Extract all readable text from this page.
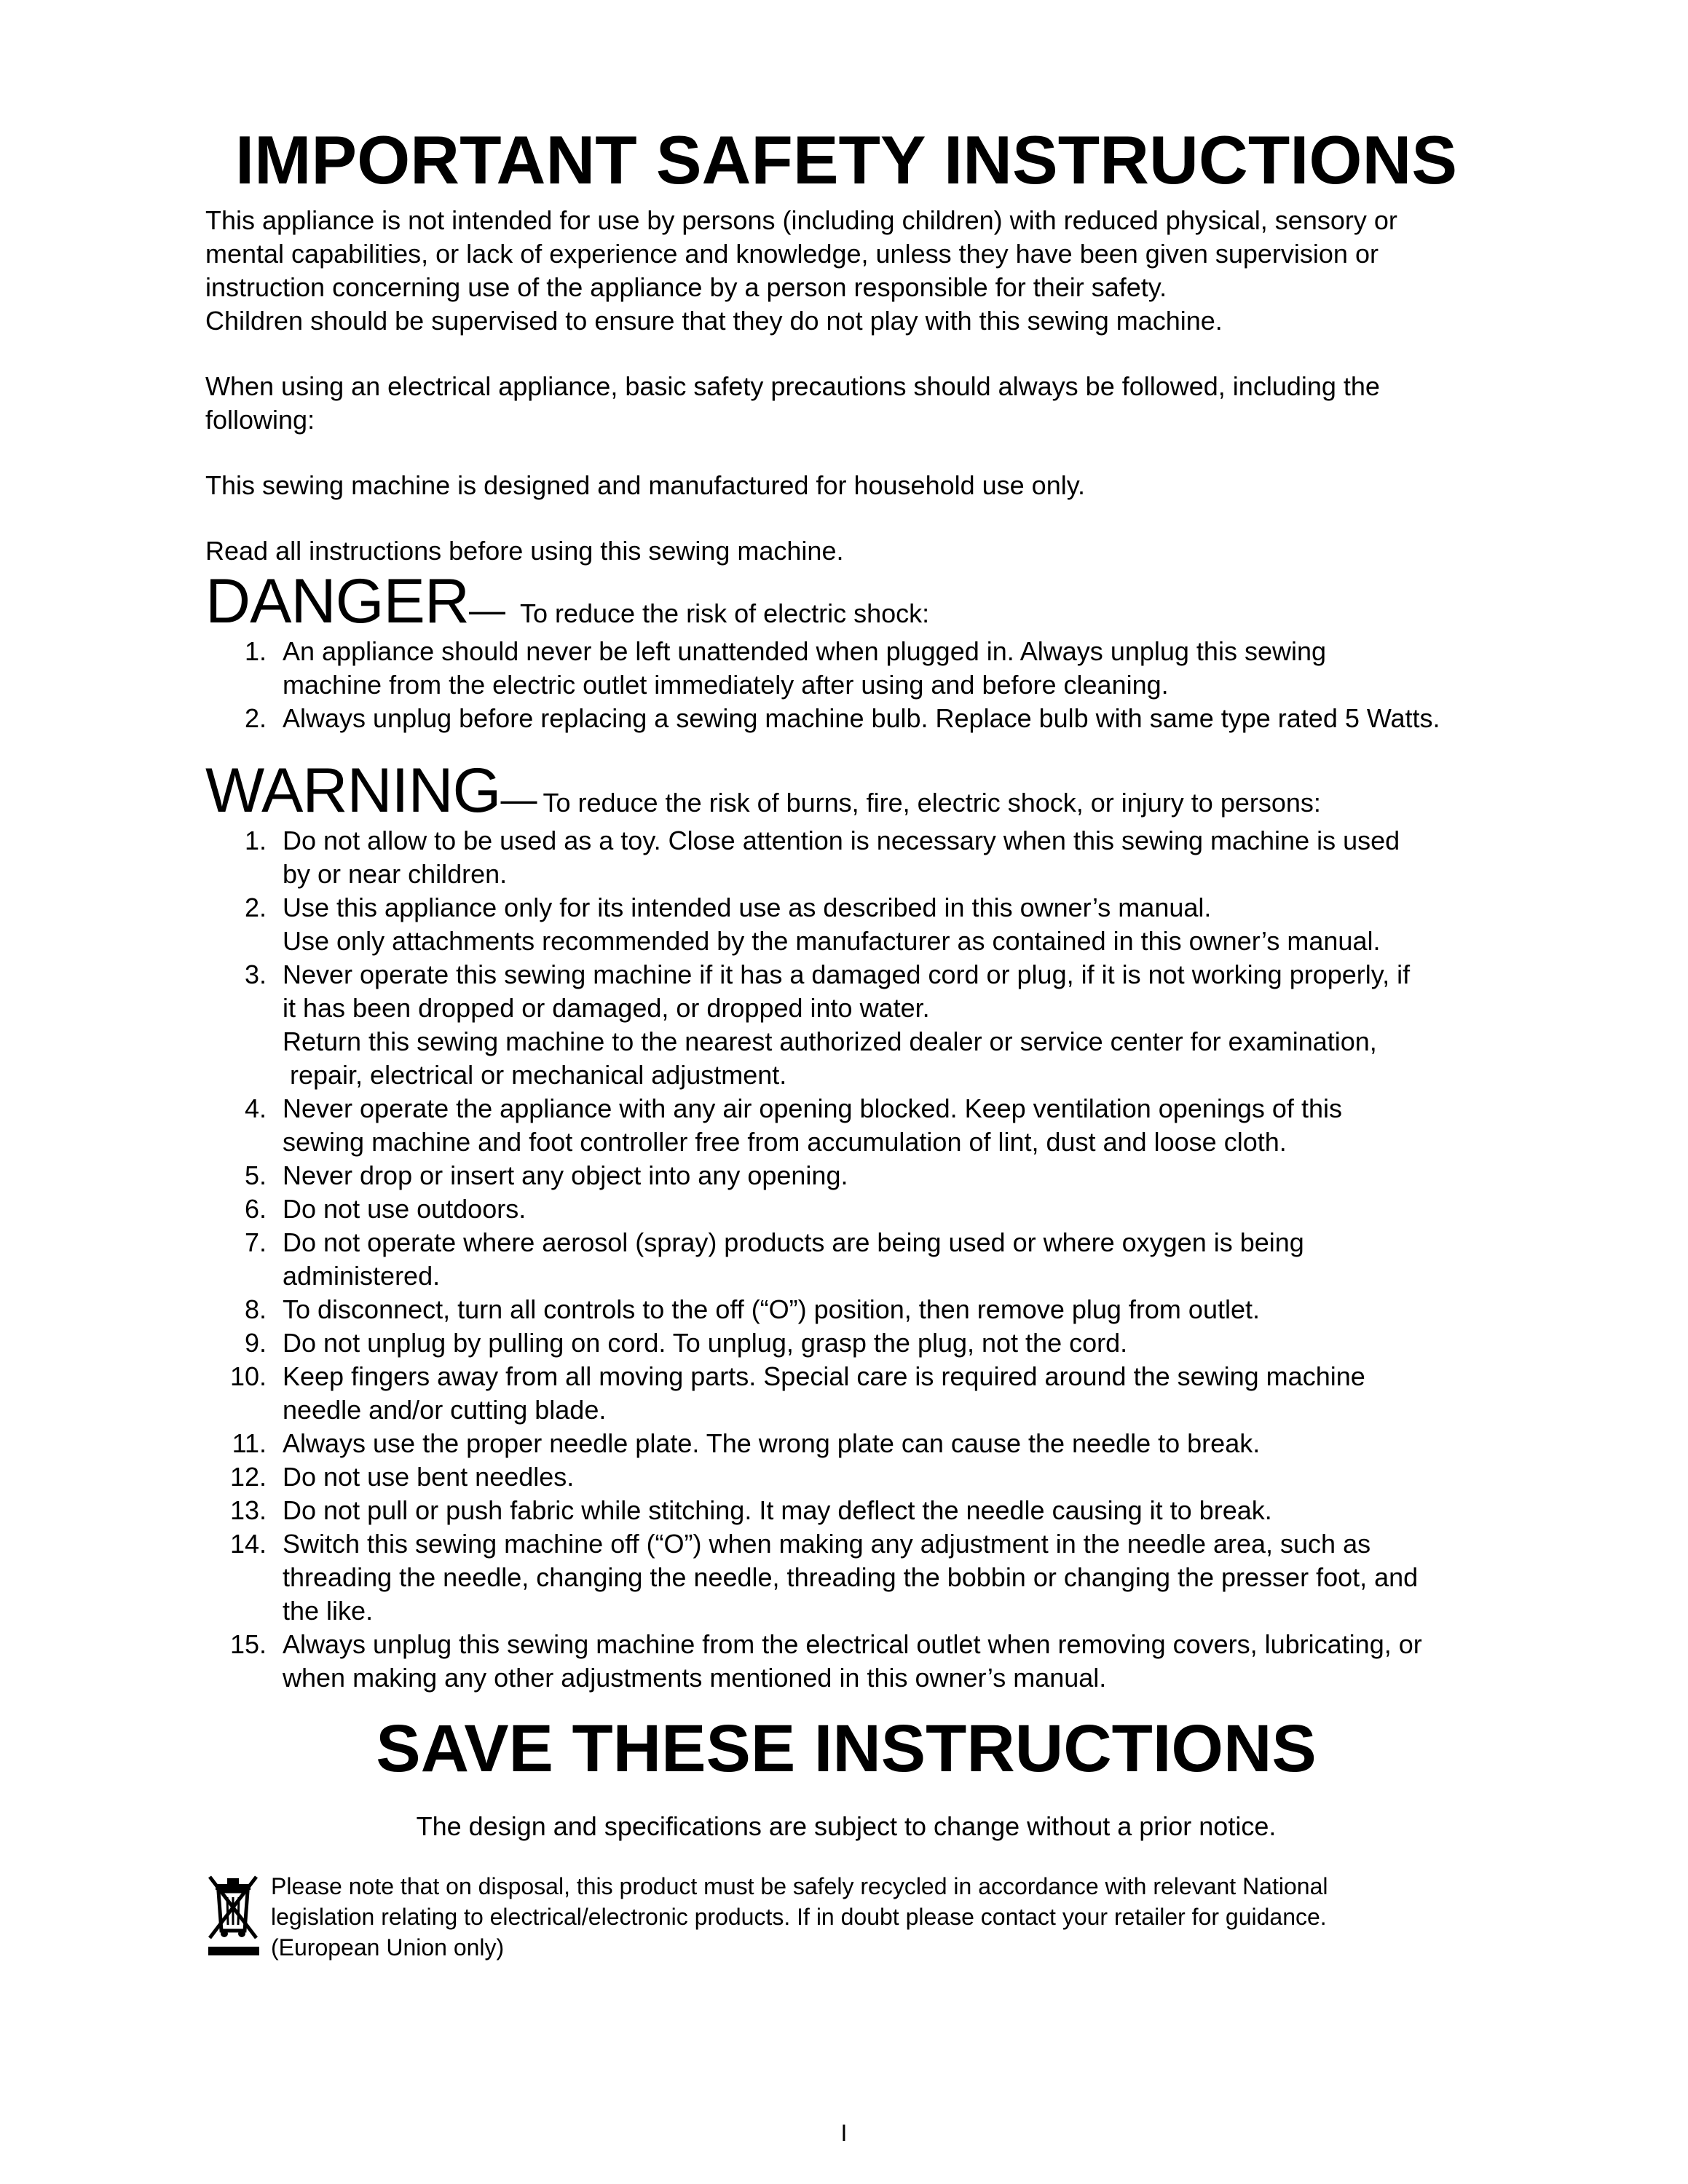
IMPORTANT SAFETY INSTRUCTIONS

This appliance is not intended for use by persons (including children) with reduced physical, sensory or

mental capabilities, or lack of experience and knowledge, unless they have been given supervision or

instruction concerning use of the appliance by a person responsible for their safety.

Children should be supervised to ensure that they do not play with this sewing machine.

When using an electrical appliance, basic safety precautions should always be followed, including the

following:

This sewing machine is designed and manufactured for household use only.

Read all instructions before using this sewing machine.

DANGER — To reduce the risk of electric shock:
1. An appliance should never be left unattended when plugged in. Always unplug this sewing
machine from the electric outlet immediately after using and before cleaning.
2. Always unplug before replacing a sewing machine bulb. Replace bulb with same type rated 5 Watts.
WARNING — To reduce the risk of burns, fire, electric shock, or injury to persons:
1. Do not allow to be used as a toy. Close attention is necessary when this sewing machine is used
by or near children.
2. Use this appliance only for its intended use as described in this owner’s manual.
Use only attachments recommended by the manufacturer as contained in this owner’s manual.
3. Never operate this sewing machine if it has a damaged cord or plug, if it is not working properly, if
it has been dropped or damaged, or dropped into water.
Return this sewing machine to the nearest authorized dealer or service center for examination,
repair, electrical or mechanical adjustment.
4. Never operate the appliance with any air opening blocked. Keep ventilation openings of this
sewing machine and foot controller free from accumulation of lint, dust and loose cloth.
5. Never drop or insert any object into any opening.
6. Do not use outdoors.
7. Do not operate where aerosol (spray) products are being used or where oxygen is being
administered.
8. To disconnect, turn all controls to the off (“O”) position, then remove plug from outlet.
9. Do not unplug by pulling on cord. To unplug, grasp the plug, not the cord.
10. Keep fingers away from all moving parts. Special care is required around the sewing machine
needle and/or cutting blade.
11. Always use the proper needle plate. The wrong plate can cause the needle to break.
12. Do not use bent needles.
13. Do not pull or push fabric while stitching. It may deflect the needle causing it to break.
14. Switch this sewing machine off (“O”) when making any adjustment in the needle area, such as
threading the needle, changing the needle, threading the bobbin or changing the presser foot, and
the like.
15. Always unplug this sewing machine from the electrical outlet when removing covers, lubricating, or
when making any other adjustments mentioned in this owner’s manual.
SAVE THESE INSTRUCTIONS
The design and specifications are subject to change without a prior notice.
Please note that on disposal, this product must be safely recycled in accordance with relevant National
legislation relating to electrical/electronic products. If in doubt please contact your retailer for guidance.
(European Union only)
I
